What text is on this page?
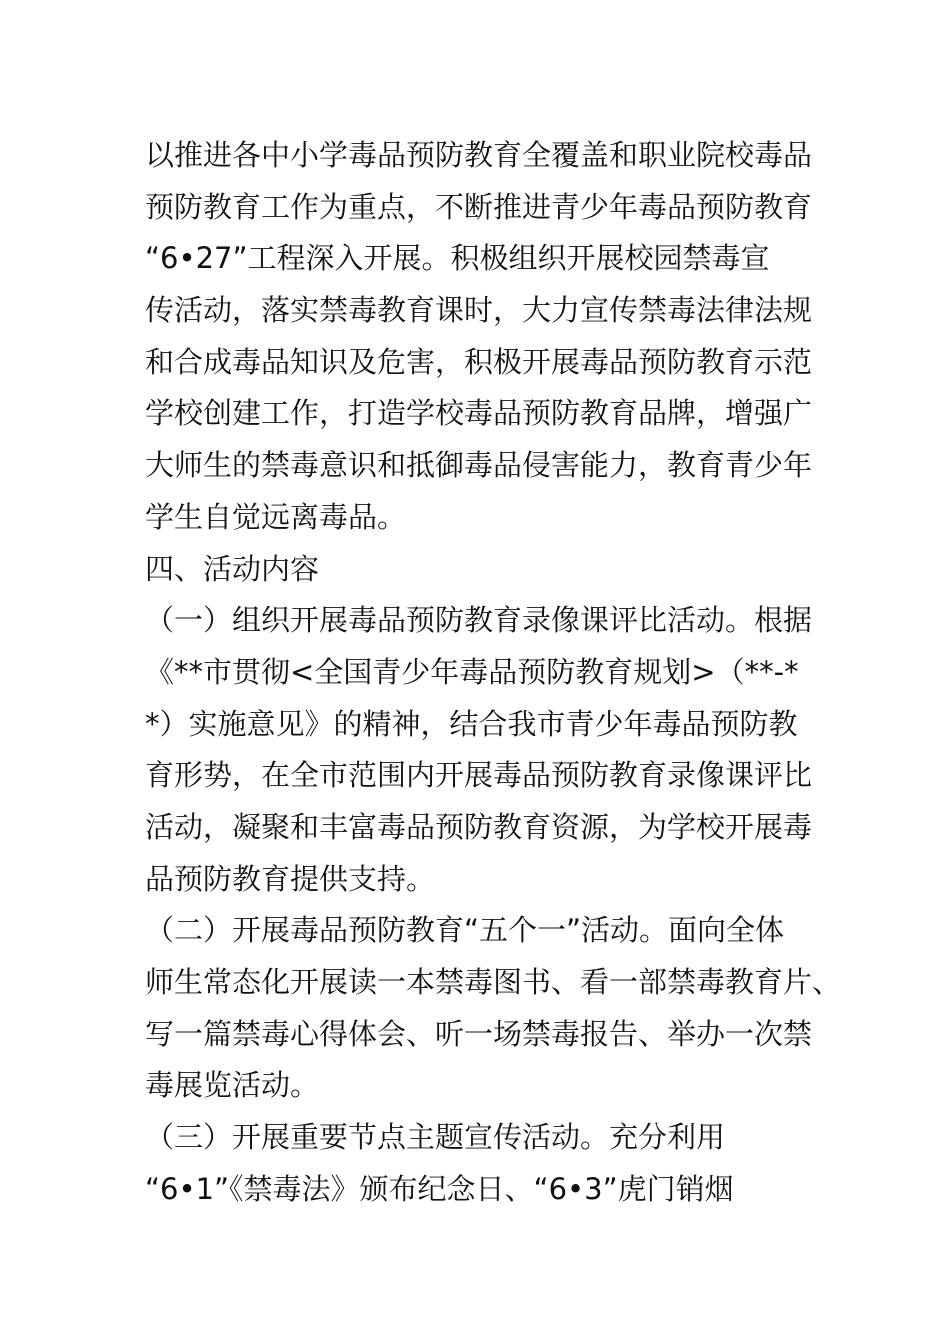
以推进各中小学毒品预防教育全覆盖和职业院校毒品
预防教育工作为重点，不断推进青少年毒品预防教育
“6•27”工程深入开展。积极组织开展校园禁毒宣
传活动，落实禁毒教育课时，大力宣传禁毒法律法规
和合成毒品知识及危害，积极开展毒品预防教育示范
学校创建工作，打造学校毒品预防教育品牌，增强广
大师生的禁毒意识和抵御毒品侵害能力，教育青少年
学生自觉远离毒品。
四、活动内容
（一）组织开展毒品预防教育录像课评比活动。根据
《**市贯彻<全国青少年毒品预防教育规划>（**-*
*）实施意见》的精神，结合我市青少年毒品预防教
育形势，在全市范围内开展毒品预防教育录像课评比
活动，凝聚和丰富毒品预防教育资源，为学校开展毒
品预防教育提供支持。
（二）开展毒品预防教育“五个一”活动。面向全体
师生常态化开展读一本禁毒图书、看一部禁毒教育片、
写一篇禁毒心得体会、听一场禁毒报告、举办一次禁
毒展览活动。
（三）开展重要节点主题宣传活动。充分利用
“6•1”《禁毒法》颁布纪念日、“6•3”虎门销烟
